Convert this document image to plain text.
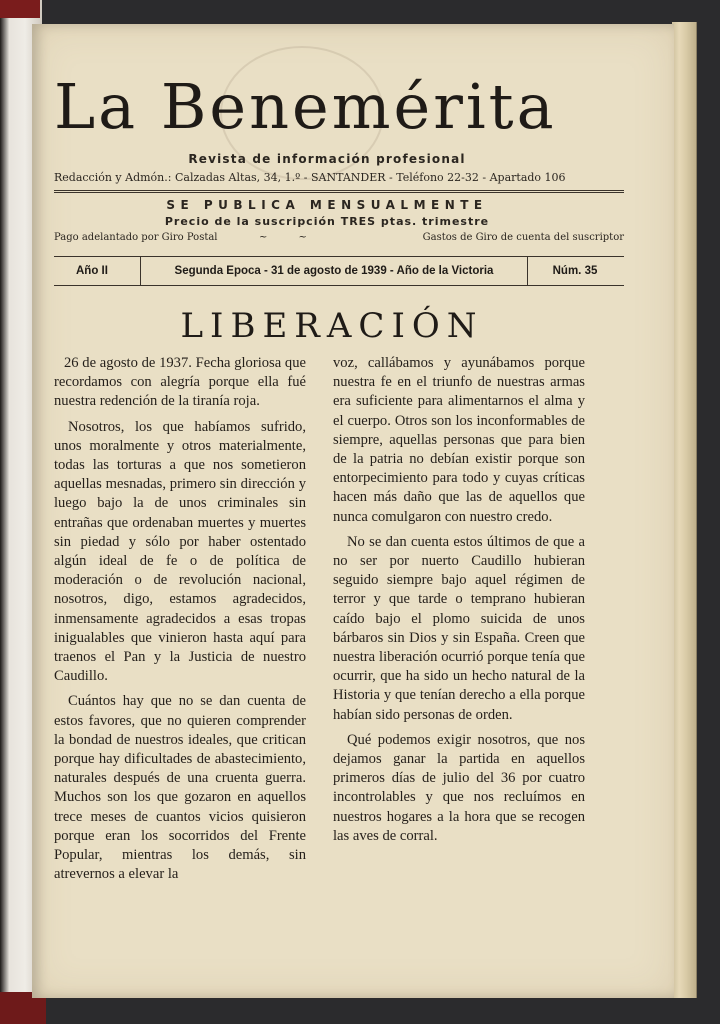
La Benemérita
Revista de información profesional
Redacción y Admón.: Calzadas Altas, 34, 1.º - SANTANDER - Teléfono 22-32 - Apartado 106
SE PUBLICA MENSUALMENTE
Precio de la suscripción TRES ptas. trimestre
Pago adelantado por Giro Postal	~ ~	Gastos de Giro de cuenta del suscriptor
Año II	Segunda Epoca - 31 de agosto de 1939 - Año de la Victoria	Núm. 35
LIBERACIÓN

26 de agosto de 1937. Fecha gloriosa que recordamos con alegría porque ella fué nuestra redención de la tiranía roja.

Nosotros, los que habíamos sufrido, unos moralmente y otros materialmente, todas las torturas a que nos sometieron aquellas mesnadas, primero sin dirección y luego bajo la de unos criminales sin entrañas que ordenaban muertes y muertes sin piedad y sólo por haber ostentado algún ideal de fe o de política de moderación o de revolución nacional, nosotros, digo, estamos agradecidos, inmensamente agradecidos a esas tropas inigualables que vinieron hasta aquí para traenos el Pan y la Justicia de nuestro Caudillo.

Cuántos hay que no se dan cuenta de estos favores, que no quieren comprender la bondad de nuestros ideales, que critican porque hay dificultades de abastecimiento, naturales después de una cruenta guerra. Muchos son los que gozaron en aquellos trece meses de cuantos vicios quisieron porque eran los socorridos del Frente Popular, mientras los demás, sin atrevernos a elevar la

voz, callábamos y ayunábamos porque nuestra fe en el triunfo de nuestras armas era suficiente para alimentarnos el alma y el cuerpo. Otros son los inconformables de siempre, aquellas personas que para bien de la patria no debían existir porque son entorpecimiento para todo y cuyas críticas hacen más daño que las de aquellos que nunca comulgaron con nuestro credo.

No se dan cuenta estos últimos de que a no ser por nuerto Caudillo hubieran seguido siempre bajo aquel régimen de terror y que tarde o temprano hubieran caído bajo el plomo suicida de unos bárbaros sin Dios y sin España. Creen que nuestra liberación ocurrió porque tenía que ocurrir, que ha sido un hecho natural de la Historia y que tenían derecho a ella porque habían sido personas de orden.

Qué podemos exigir nosotros, que nos dejamos ganar la partida en aquellos primeros días de julio del 36 por cuatro incontrolables y que nos recluímos en nuestros hogares a la hora que se recogen las aves de corral.
